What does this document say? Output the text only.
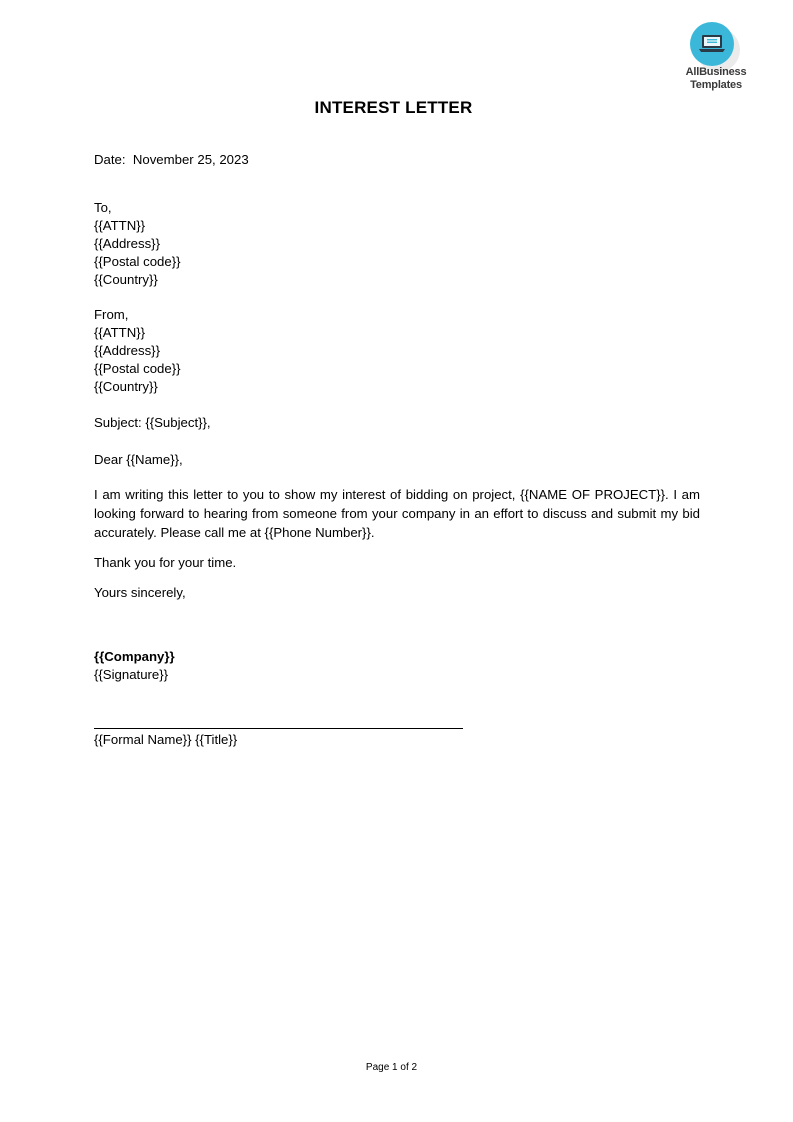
AllBusiness
Templates
INTEREST LETTER
Date: November 25, 2023
To,
{{ATTN}}
{{Address}}
{{Postal code}}
{{Country}}
From,
{{ATTN}}
{{Address}}
{{Postal code}}
{{Country}}
Subject: {{Subject}},
Dear {{Name}},
I am writing this letter to you to show my interest of bidding on project, {{NAME OF PROJECT}}. I am looking forward to hearing from someone from your company in an effort to discuss and submit my bid accurately. Please call me at {{Phone Number}}.
Thank you for your time.
Yours sincerely,
{{Company}}
{{Signature}}
{{Formal Name}} {{Title}}
Page 1 of 2
